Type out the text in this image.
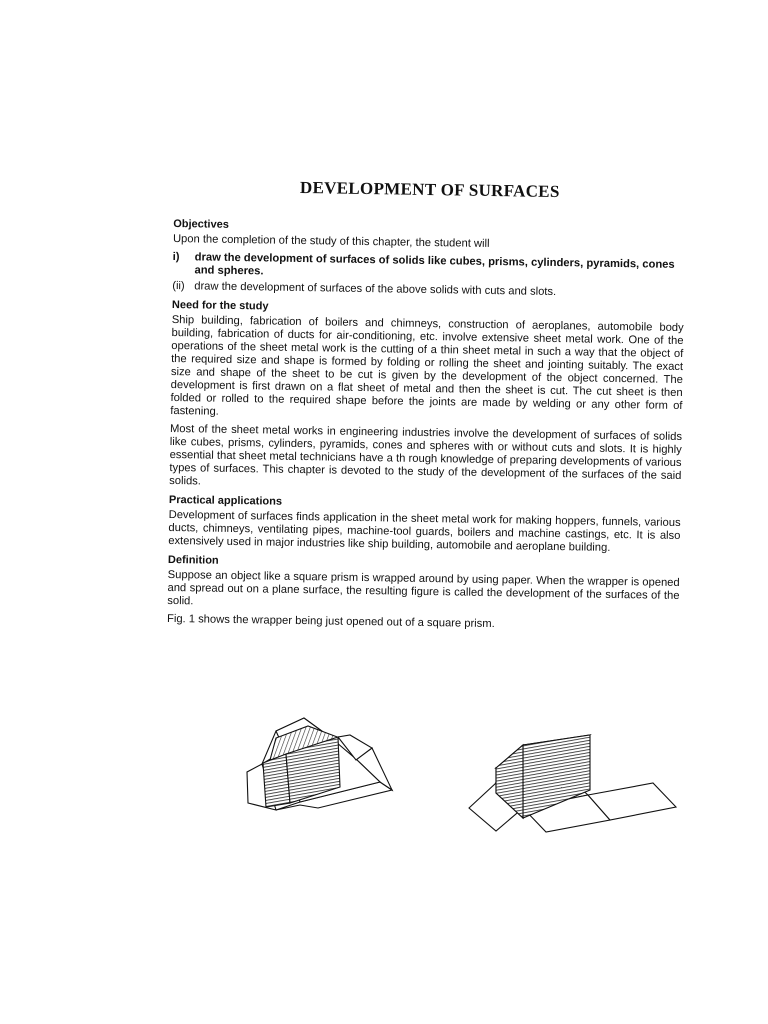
DEVELOPMENT OF SURFACES
Objectives

Upon the completion of the study of this chapter, the student will

i)	draw the development of surfaces of solids like cubes, prisms, cylinders, pyramids, cones and spheres.
(ii) draw the development of surfaces of the above solids with cuts and slots.
Need for the study

Ship building, fabrication of boilers and chimneys, construction of aeroplanes, automobile body building, fabrication of ducts for air-conditioning, etc. involve extensive sheet metal work. One of the operations of the sheet metal work is the cutting of a thin sheet metal in such a way that the object of the required size and shape is formed by folding or rolling the sheet and jointing suitably. The exact size and shape of the sheet to be cut is given by the development of the object concerned. The development is first drawn on a flat sheet of metal and then the sheet is cut. The cut sheet is then folded or rolled to the required shape before the joints are made by welding or any other form of fastening.

Most of the sheet metal works in engineering industries involve the development of surfaces of solids like cubes, prisms, cylinders, pyramids, cones and spheres with or without cuts and slots. It is highly essential that sheet metal technicians have a th rough knowledge of preparing developments of various types of surfaces. This chapter is devoted to the study of the development of the surfaces of the said solids.

Practical applications

Development of surfaces finds application in the sheet metal work for making hoppers, funnels, various ducts, chimneys, ventilating pipes, machine-tool guards, boilers and machine castings, etc. It is also extensively used in major industries like ship building, automobile and aeroplane building.

Definition

Suppose an object like a square prism is wrapped around by using paper. When the wrapper is opened and spread out on a plane surface, the resulting figure is called the development of the surfaces of the solid.

Fig. 1 shows the wrapper being just opened out of a square prism.
